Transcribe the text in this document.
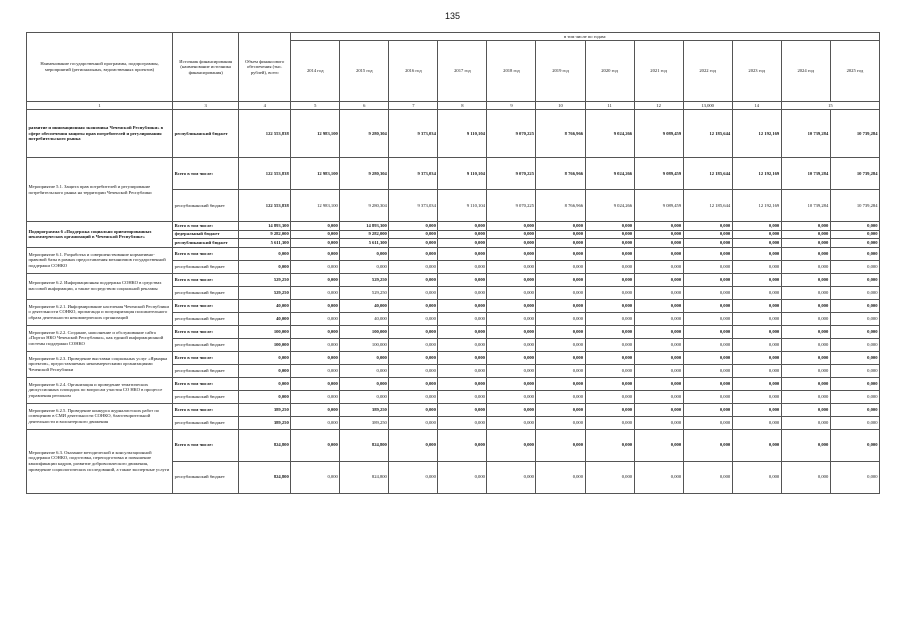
135
Наименование государственной программы, подпрограммы, мероприятий (региональных, ведомственных проектов)	Источник финансирования (наименование источника финансирования)	Объем финансового обеспечения (тыс. рублей), всего	в том числе по годам:											
			2014 год	2015 год	2016 год	2017 год	2018 год	2019 год	2020 год	2021 год	2022 год	2023 год	2024 год	2025 год
1	3	4	5	6	7	8	9	10	11	12	13,000	14	15	
развитие и инновационная экономика Чеченской Республики» в сфере обеспечения защиты прав потребителей и регулирования потребительского рынка	республиканский бюджет	122 553,838	12 983,100	9 280,304	9 373,034	9 110,104	9 070,225	8 766,966	9 024,266	9 089,459	12 185,644	12 192,169	10 739,284	10 739,284
Мероприятие 5.1. Защита прав потребителей и регулирование потребительского рынка на территории Чеченской Республики	Всего в том числе:	122 553,838	12 983,100	9 280,304	9 373,034	9 110,104	9 070,225	8 766,966	9 024,266	9 089,459	12 185,644	12 192,169	10 739,284	10 739,284
	республиканский бюджет	122 553,838	12 983,100	9 280,304	9 373,034	9 110,104	9 070,225	8 766,966	9 024,266	9 089,459	12 185,644	12 192,169	10 739,284	10 739,284
Подпрограмма 6 «Поддержка социально ориентированных некоммерческих организаций в Чеченской Республике»	Всего в том числе:	14 893,300	0,000	14 893,300	0,000	0,000	0,000	0,000	0,000	0,000	0,000	0,000	0,000	0,000
	федеральный бюджет	9 282,000	0,000	9 282,000	0,000	0,000	0,000	0,000	0,000	0,000	0,000	0,000	0,000	0,000
	республиканский бюджет	5 611,300	0,000	5 611,300	0,000	0,000	0,000	0,000	0,000	0,000	0,000	0,000	0,000	0,000
Мероприятие 6.1. Разработка и совершенствование нормативно-правовой базы в рамках предоставления механизмов государственной поддержки СОНКО	Всего в том числе:	0,000	0,000	0,000	0,000	0,000	0,000	0,000	0,000	0,000	0,000	0,000	0,000	0,000
	республиканский бюджет	0,000	0,000	0,000	0,000	0,000	0,000	0,000	0,000	0,000	0,000	0,000	0,000	0,000
Мероприятие 6.2. Информационная поддержка СОНКО в средствах массовой информации, а также посредством социальной рекламы	Всего в том числе:	529,250	0,000	529,250	0,000	0,000	0,000	0,000	0,000	0,000	0,000	0,000	0,000	0,000
	республиканский бюджет	529,250	0,000	529,250	0,000	0,000	0,000	0,000	0,000	0,000	0,000	0,000	0,000	0,000
Мероприятие 6.2.1. Информирование населения Чеченской Республики о деятельности СОНКО, пропаганда и популяризация положительного образа деятельности некоммерческих организаций	Всего в том числе:	40,000	0,000	40,000	0,000	0,000	0,000	0,000	0,000	0,000	0,000	0,000	0,000	0,000
	республиканский бюджет	40,000	0,000	40,000	0,000	0,000	0,000	0,000	0,000	0,000	0,000	0,000	0,000	0,000
Мероприятие 6.2.2. Создание, наполнение и обслуживание сайта «Портал НКО Чеченской Республики», как единой информационной системы поддержки СОНКО	Всего в том числе:	100,000	0,000	100,000	0,000	0,000	0,000	0,000	0,000	0,000	0,000	0,000	0,000	0,000
	республиканский бюджет	100,000	0,000	100,000	0,000	0,000	0,000	0,000	0,000	0,000	0,000	0,000	0,000	0,000
Мероприятие 6.2.3. Проведение выставки социальных услуг «Ярмарка проектов», предоставляемых некоммерческими организациями Чеченской Республики	Всего в том числе:	0,000	0,000	0,000	0,000	0,000	0,000	0,000	0,000	0,000	0,000	0,000	0,000	0,000
	республиканский бюджет	0,000	0,000	0,000	0,000	0,000	0,000	0,000	0,000	0,000	0,000	0,000	0,000	0,000
Мероприятие 6.2.4. Организация и проведение тематических дискуссионных площадок по вопросам участия СО НКО в процессе управления регионом	Всего в том числе:	0,000	0,000	0,000	0,000	0,000	0,000	0,000	0,000	0,000	0,000	0,000	0,000	0,000
	республиканский бюджет	0,000	0,000	0,000	0,000	0,000	0,000	0,000	0,000	0,000	0,000	0,000	0,000	0,000
Мероприятие 6.2.5. Проведение конкурса журналистских работ по освещению в СМИ деятельности СОНКО, благотворительной деятельности и волонтерского движения	Всего в том числе:	389,250	0,000	389,250	0,000	0,000	0,000	0,000	0,000	0,000	0,000	0,000	0,000	0,000
	республиканский бюджет	389,250	0,000	389,250	0,000	0,000	0,000	0,000	0,000	0,000	0,000	0,000	0,000	0,000
Мероприятие 6.3. Оказание методической и консультационной поддержки СОНКО, подготовка, переподготовка и повышение квалификации кадров, развитие добровольческого движения, проведение социологических исследований, а также экспертные услуги	Всего в том числе:	824,800	0,000	824,800	0,000	0,000	0,000	0,000	0,000	0,000	0,000	0,000	0,000	0,000
	республиканский бюджет	824,800	0,000	824,800	0,000	0,000	0,000	0,000	0,000	0,000	0,000	0,000	0,000	0,000
